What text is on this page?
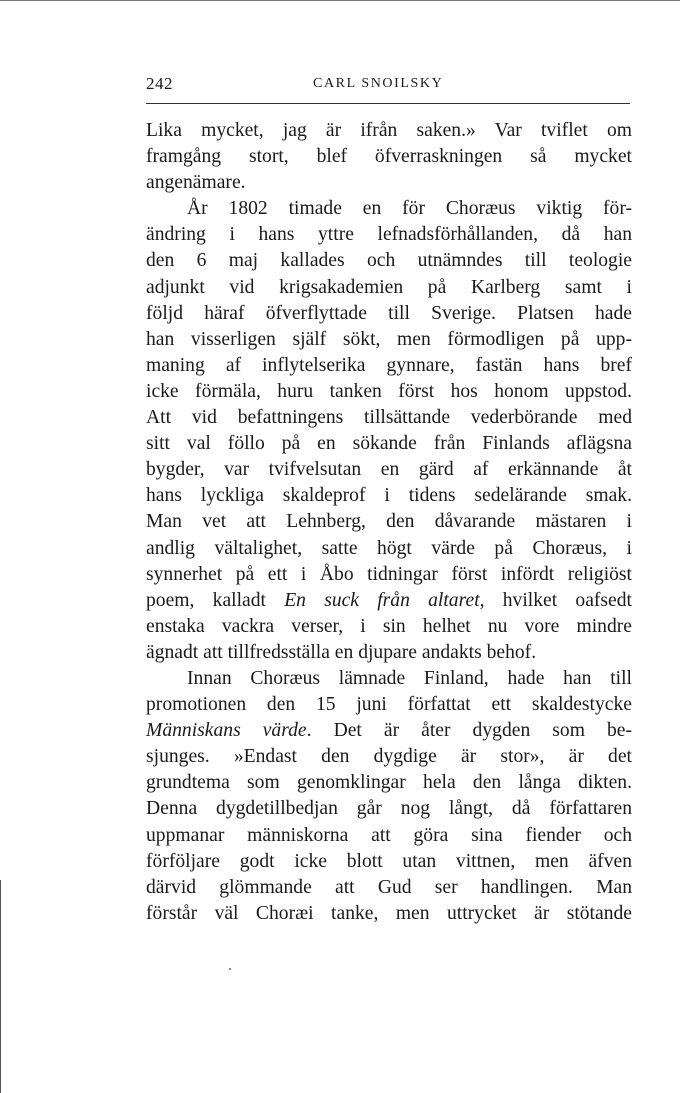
242	CARL SNOILSKY
Lika mycket, jag är ifrån saken.» Var tviflet om
framgång stort, blef öfverraskningen så mycket
angenämare.
År 1802 timade en för Choræus viktig för-
ändring i hans yttre lefnadsförhållanden, då han
den 6 maj kallades och utnämndes till teologie
adjunkt vid krigsakademien på Karlberg samt i
följd häraf öfverflyttade till Sverige. Platsen hade
han visserligen själf sökt, men förmodligen på upp-
maning af inflytelserika gynnare, fastän hans bref
icke förmäla, huru tanken först hos honom uppstod.
Att vid befattningens tillsättande vederbörande med
sitt val föllo på en sökande från Finlands aflägsna
bygder, var tvifvelsutan en gärd af erkännande åt
hans lyckliga skaldeprof i tidens sedelärande smak.
Man vet att Lehnberg, den dåvarande mästaren i
andlig vältalighet, satte högt värde på Choræus, i
synnerhet på ett i Åbo tidningar först infördt religiöst
poem, kalladt En suck från altaret, hvilket oafsedt
enstaka vackra verser, i sin helhet nu vore mindre
ägnadt att tillfredsställa en djupare andakts behof.
Innan Choræus lämnade Finland, hade han till
promotionen den 15 juni författat ett skaldestycke
Människans värde. Det är åter dygden som be-
sjunges. »Endast den dygdige är stor», är det
grundtema som genomklingar hela den långa dikten.
Denna dygdetillbedjan går nog långt, då författaren
uppmanar människorna att göra sina fiender och
förföljare godt icke blott utan vittnen, men äfven
därvid glömmande att Gud ser handlingen. Man
förstår väl Choræi tanke, men uttrycket är stötande
